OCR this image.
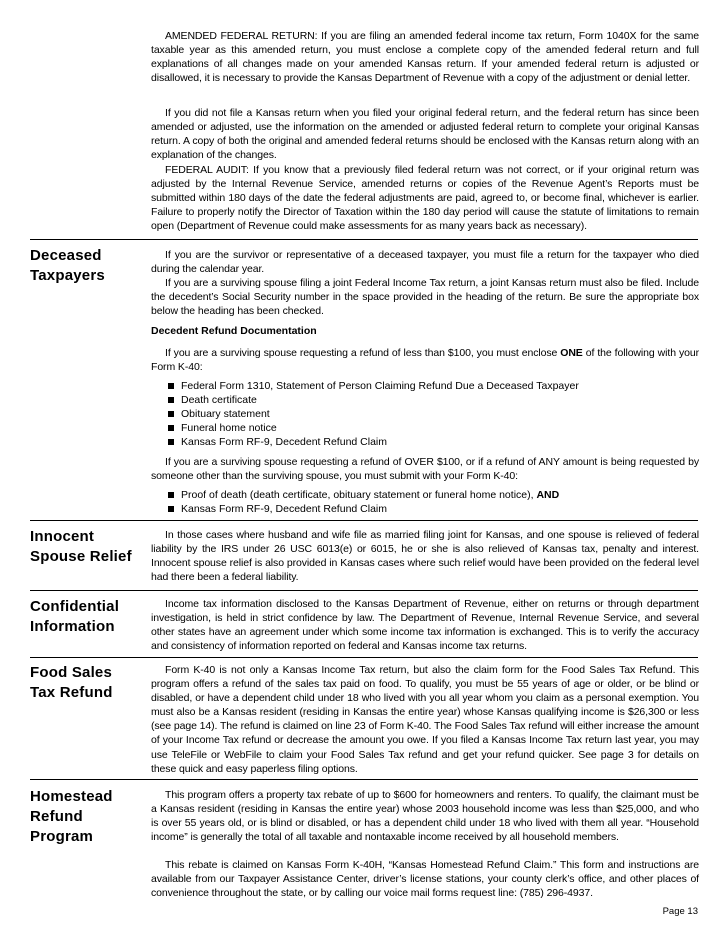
AMENDED FEDERAL RETURN: If you are filing an amended federal income tax return, Form 1040X for the same taxable year as this amended return, you must enclose a complete copy of the amended federal return and full explanations of all changes made on your amended Kansas return. If your amended federal return is adjusted or disallowed, it is necessary to provide the Kansas Department of Revenue with a copy of the adjustment or denial letter.

If you did not file a Kansas return when you filed your original federal return, and the federal return has since been amended or adjusted, use the information on the amended or adjusted federal return to complete your original Kansas return. A copy of both the original and amended federal returns should be enclosed with the Kansas return along with an explanation of the changes.

FEDERAL AUDIT: If you know that a previously filed federal return was not correct, or if your original return was adjusted by the Internal Revenue Service, amended returns or copies of the Revenue Agent’s Reports must be submitted within 180 days of the date the federal adjustments are paid, agreed to, or become final, whichever is earlier. Failure to properly notify the Director of Taxation within the 180 day period will cause the statute of limitations to remain open (Department of Revenue could make assessments for as many years back as necessary).

Deceased
Taxpayers

If you are the survivor or representative of a deceased taxpayer, you must file a return for the taxpayer who died during the calendar year.

If you are a surviving spouse filing a joint Federal Income Tax return, a joint Kansas return must also be filed. Include the decedent’s Social Security number in the space provided in the heading of the return. Be sure the appropriate box below the heading has been checked.

Decedent Refund Documentation

If you are a surviving spouse requesting a refund of less than $100, you must enclose ONE of the following with your Form K-40:

Federal Form 1310, Statement of Person Claiming Refund Due a Deceased Taxpayer
Death certificate
Obituary statement
Funeral home notice
Kansas Form RF-9, Decedent Refund Claim

If you are a surviving spouse requesting a refund of OVER $100, or if a refund of ANY amount is being requested by someone other than the surviving spouse, you must submit with your Form K-40:

Proof of death (death certificate, obituary statement or funeral home notice), AND
Kansas Form RF-9, Decedent Refund Claim
Innocent
Spouse Relief

In those cases where husband and wife file as married filing joint for Kansas, and one spouse is relieved of federal liability by the IRS under 26 USC 6013(e) or 6015, he or she is also relieved of Kansas tax, penalty and interest. Innocent spouse relief is also provided in Kansas cases where such relief would have been provided on the federal level had there been a federal liability.

Confidential
Information

Income tax information disclosed to the Kansas Department of Revenue, either on returns or through department investigation, is held in strict confidence by law. The Department of Revenue, Internal Revenue Service, and several other states have an agreement under which some income tax information is exchanged. This is to verify the accuracy and consistency of information reported on federal and Kansas income tax returns.

Food Sales
Tax Refund

Form K-40 is not only a Kansas Income Tax return, but also the claim form for the Food Sales Tax Refund. This program offers a refund of the sales tax paid on food. To qualify, you must be 55 years of age or older, or be blind or disabled, or have a dependent child under 18 who lived with you all year whom you claim as a personal exemption. You must also be a Kansas resident (residing in Kansas the entire year) whose Kansas qualifying income is $26,300 or less (see page 14). The refund is claimed on line 23 of Form K-40. The Food Sales Tax refund will either increase the amount of your Income Tax refund or decrease the amount you owe. If you filed a Kansas Income Tax return last year, you may use TeleFile or WebFile to claim your Food Sales Tax refund and get your refund quicker. See page 3 for details on these quick and easy paperless filing options.

Homestead
Refund
Program

This program offers a property tax rebate of up to $600 for homeowners and renters. To qualify, the claimant must be a Kansas resident (residing in Kansas the entire year) whose 2003 household income was less than $25,000, and who is over 55 years old, or is blind or disabled, or has a dependent child under 18 who lived with them all year. “Household income” is generally the total of all taxable and nontaxable income received by all household members.

This rebate is claimed on Kansas Form K-40H, “Kansas Homestead Refund Claim.” This form and instructions are available from our Taxpayer Assistance Center, driver’s license stations, your county clerk’s office, and other places of convenience throughout the state, or by calling our voice mail forms request line: (785) 296-4937.

Page 13
